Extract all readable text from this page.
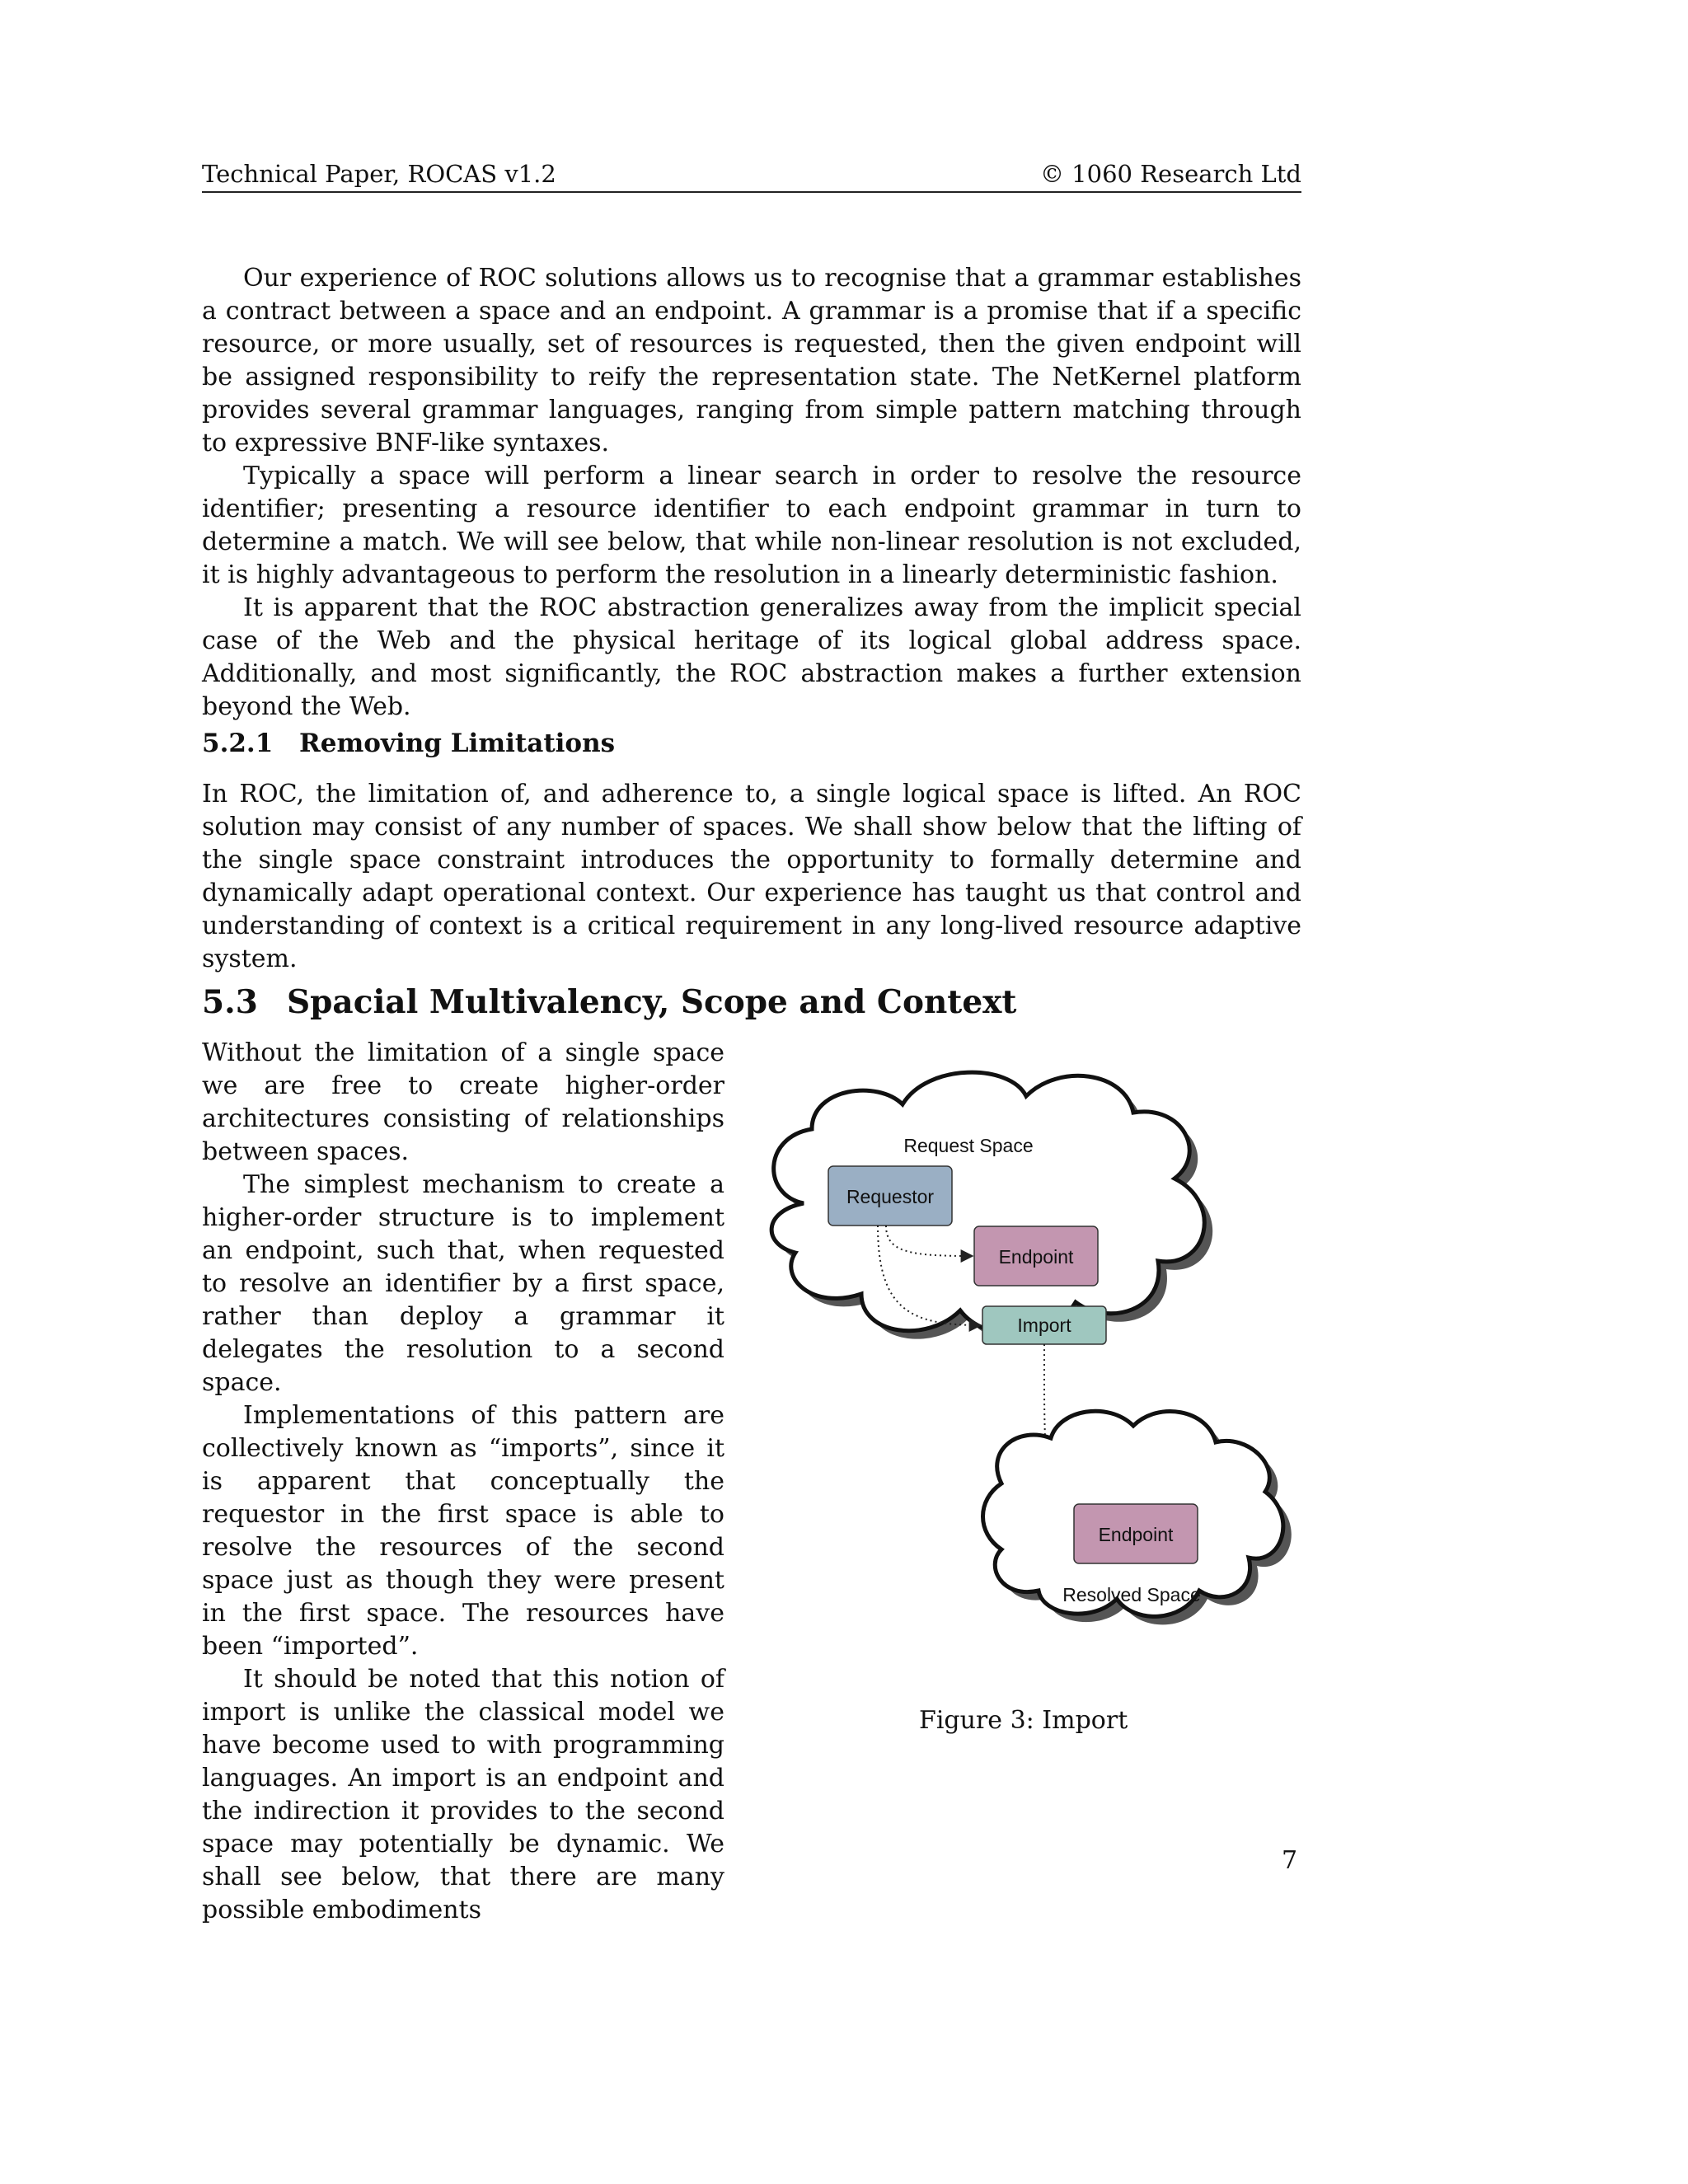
Technical Paper, ROCAS v1.2	© 1060 Research Ltd

Our experience of ROC solutions allows us to recognise that a grammar establishes a contract between a space and an endpoint. A grammar is a promise that if a specific resource, or more usually, set of resources is requested, then the given endpoint will be assigned responsibility to reify the representation state. The NetKernel platform provides several grammar languages, ranging from simple pattern matching through to expressive BNF-like syntaxes.

Typically a space will perform a linear search in order to resolve the resource identifier; presenting a resource identifier to each endpoint grammar in turn to determine a match. We will see below, that while non-linear resolution is not excluded, it is highly advantageous to perform the resolution in a linearly deterministic fashion.

It is apparent that the ROC abstraction generalizes away from the implicit special case of the Web and the physical heritage of its logical global address space. Additionally, and most significantly, the ROC abstraction makes a further extension beyond the Web.

5.2.1 Removing Limitations

In ROC, the limitation of, and adherence to, a single logical space is lifted. An ROC solution may consist of any number of spaces. We shall show below that the lifting of the single space constraint introduces the opportunity to formally determine and dynamically adapt operational context. Our experience has taught us that control and understanding of context is a critical requirement in any long-lived resource adaptive system.

5.3 Spacial Multivalency, Scope and Context

Without the limitation of a single space we are free to create higher-order architectures consisting of relationships between spaces.

The simplest mechanism to create a higher-order structure is to implement an endpoint, such that, when requested to resolve an identifier by a first space, rather than deploy a grammar it delegates the resolution to a second space.

Implementations of this pattern are collectively known as “imports”, since it is apparent that conceptually the requestor in the first space is able to resolve the resources of the second space just as though they were present in the first space. The resources have been “imported”.

It should be noted that this notion of import is unlike the classical model we have become used to with programming languages. An import is an endpoint and the indirection it provides to the second space may potentially be dynamic. We shall see below, that there are many possible embodiments

Request Space
Requestor
Endpoint
Import
Endpoint
Resolved Space
Figure 3: Import
7
